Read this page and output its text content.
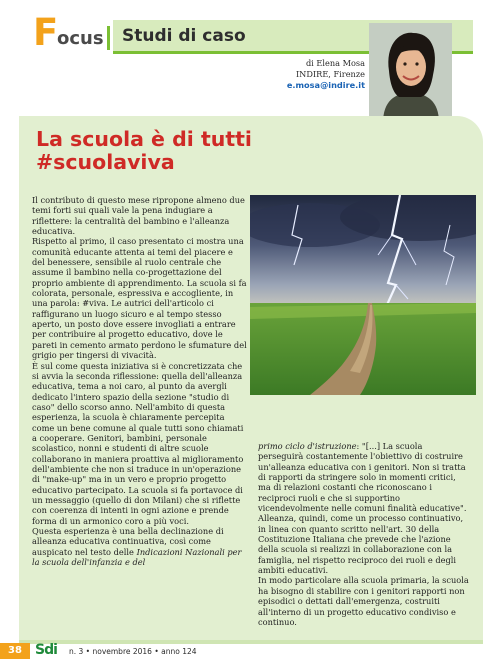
F
ocus Studi di caso
di Elena Mosa
INDIRE, Firenze
e.mosa@indire.it
La scuola è di tutti
#scuolaviva

Il contributo di questo mese ripropone almeno due temi forti sui quali vale la pena indugiare a riflettere: la centralità del bambino e l'alleanza educativa.

Rispetto al primo, il caso presentato ci mostra una comunità educante attenta ai temi del piacere e del benessere, sensibile al ruolo centrale che assume il bambino nella co-progettazione del proprio ambiente di apprendimento. La scuola si fa colorata, personale, espressiva e accogliente, in una parola: #viva. Le autrici dell'articolo ci raffigurano un luogo sicuro e al tempo stesso aperto, un posto dove essere invogliati a entrare per contribuire al progetto educativo, dove le pareti in cemento armato perdono le sfumature del grigio per tingersi di vivacità.

È sul come questa iniziativa si è concretizzata che si avvia la seconda riflessione: quella dell'alleanza educativa, tema a noi caro, al punto da avergli dedicato l'intero spazio della sezione "studio di caso" dello scorso anno. Nell'ambito di questa esperienza, la scuola è chiaramente percepita come un bene comune al quale tutti sono chiamati a cooperare. Genitori, bambini, personale scolastico, nonni e studenti di altre scuole collaborano in maniera proattiva al miglioramento dell'ambiente che non si traduce in un'operazione di "make-up" ma in un vero e proprio progetto educativo partecipato. La scuola si fa portavoce di un messaggio (quello di don Milani) che si riflette con coerenza di intenti in ogni azione e prende forma di un armonico coro a più voci.

Questa esperienza è una bella declinazione di alleanza educativa continuativa, così come auspicato nel testo delle Indicazioni Nazionali per la scuola dell'infanzia e del

primo ciclo d'istruzione: "[...] La scuola perseguirà costantemente l'obiettivo di costruire un'alleanza educativa con i genitori. Non si tratta di rapporti da stringere solo in momenti critici, ma di relazioni costanti che riconoscano i reciproci ruoli e che si supportino vicendevolmente nelle comuni finalità educative".

Alleanza, quindi, come un processo continuativo, in linea con quanto scritto nell'art. 30 della Costituzione Italiana che prevede che l'azione della scuola si realizzi in collaborazione con la famiglia, nel rispetto reciproco dei ruoli e degli ambiti educativi.

In modo particolare alla scuola primaria, la scuola ha bisogno di stabilire con i genitori rapporti non episodici o dettati dall'emergenza, costruiti all'interno di un progetto educativo condiviso e continuo.

38 Sdi n. 3 • novembre 2016 • anno 124
